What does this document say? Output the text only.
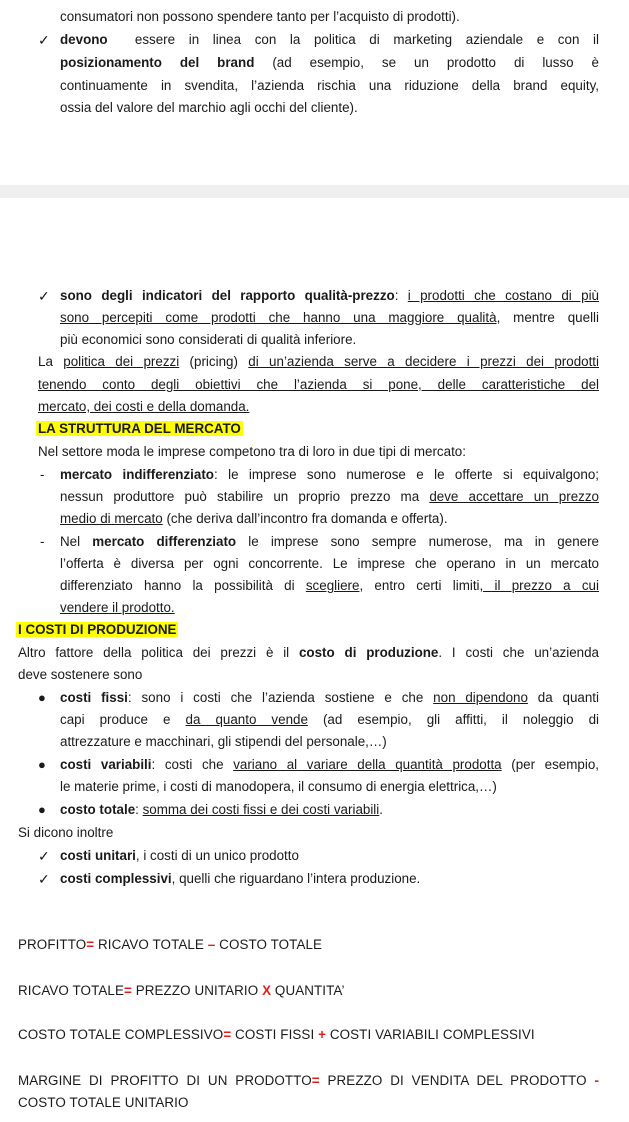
consumatori non possono spendere tanto per l’acquisto di prodotti).
✓ devono essere in linea con la politica di marketing aziendale e con il
posizionamento del brand (ad esempio, se un prodotto di lusso è
continuamente in svendita, l’azienda rischia una riduzione della brand equity,
ossia del valore del marchio agli occhi del cliente).
✓ sono degli indicatori del rapporto qualità-prezzo: i prodotti che costano di più
sono percepiti come prodotti che hanno una maggiore qualità, mentre quelli
più economici sono considerati di qualità inferiore.
La politica dei prezzi (pricing) di un’azienda serve a decidere i prezzi dei prodotti
tenendo conto degli obiettivi che l’azienda si pone, delle caratteristiche del
mercato, dei costi e della domanda.
LA STRUTTURA DEL MERCATO
Nel settore moda le imprese competono tra di loro in due tipi di mercato:
- mercato indifferenziato: le imprese sono numerose e le offerte si equivalgono;
nessun produttore può stabilire un proprio prezzo ma deve accettare un prezzo
medio di mercato (che deriva dall’incontro fra domanda e offerta).
- Nel mercato differenziato le imprese sono sempre numerose, ma in genere
l’offerta è diversa per ogni concorrente. Le imprese che operano in un mercato
differenziato hanno la possibilità di scegliere, entro certi limiti, il prezzo a cui
vendere il prodotto.
I COSTI DI PRODUZIONE
Altro fattore della politica dei prezzi è il costo di produzione. I costi che un’azienda
deve sostenere sono
● costi fissi: sono i costi che l’azienda sostiene e che non dipendono da quanti
capi produce e da quanto vende (ad esempio, gli affitti, il noleggio di
attrezzature e macchinari, gli stipendi del personale,…)
● costi variabili: costi che variano al variare della quantità prodotta (per esempio,
le materie prime, i costi di manodopera, il consumo di energia elettrica,…)
● costo totale: somma dei costi fissi e dei costi variabili.
Si dicono inoltre
✓ costi unitari, i costi di un unico prodotto
✓ costi complessivi, quelli che riguardano l’intera produzione.
PROFITTO= RICAVO TOTALE – COSTO TOTALE
RICAVO TOTALE= PREZZO UNITARIO X QUANTITA’
COSTO TOTALE COMPLESSIVO= COSTI FISSI + COSTI VARIABILI COMPLESSIVI
MARGINE DI PROFITTO DI UN PRODOTTO= PREZZO DI VENDITA DEL PRODOTTO -
COSTO TOTALE UNITARIO
